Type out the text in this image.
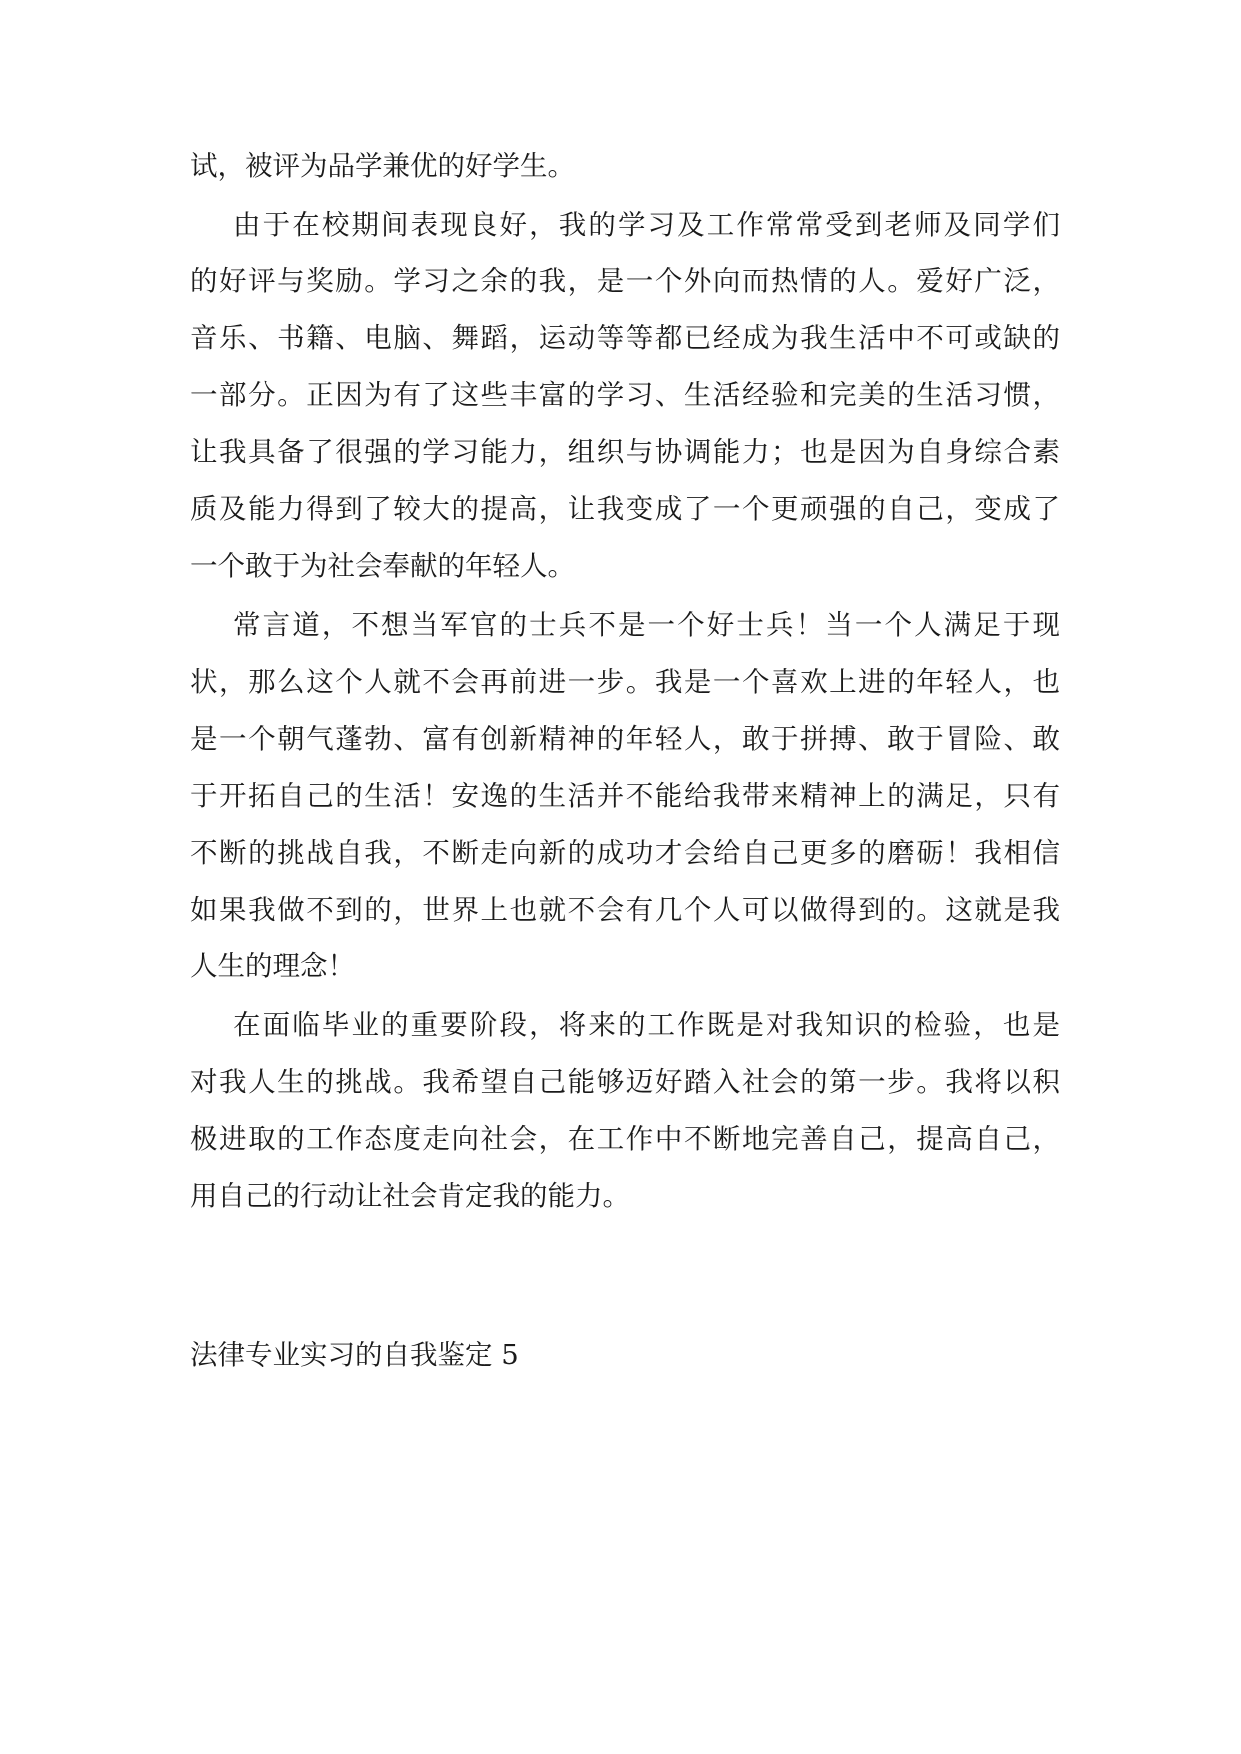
试，被评为品学兼优的好学生。
由于在校期间表现良好，我的学习及工作常常受到老师及同学们
的好评与奖励。学习之余的我，是一个外向而热情的人。爱好广泛，
音乐、书籍、电脑、舞蹈，运动等等都已经成为我生活中不可或缺的
一部分。正因为有了这些丰富的学习、生活经验和完美的生活习惯，
让我具备了很强的学习能力，组织与协调能力；也是因为自身综合素
质及能力得到了较大的提高，让我变成了一个更顽强的自己，变成了
一个敢于为社会奉献的年轻人。
常言道，不想当军官的士兵不是一个好士兵！当一个人满足于现
状，那么这个人就不会再前进一步。我是一个喜欢上进的年轻人，也
是一个朝气蓬勃、富有创新精神的年轻人，敢于拼搏、敢于冒险、敢
于开拓自己的生活！安逸的生活并不能给我带来精神上的满足，只有
不断的挑战自我，不断走向新的成功才会给自己更多的磨砺！我相信
如果我做不到的，世界上也就不会有几个人可以做得到的。这就是我
人生的理念！
在面临毕业的重要阶段，将来的工作既是对我知识的检验，也是
对我人生的挑战。我希望自己能够迈好踏入社会的第一步。我将以积
极进取的工作态度走向社会，在工作中不断地完善自己，提高自己，
用自己的行动让社会肯定我的能力。
法律专业实习的自我鉴定 5
